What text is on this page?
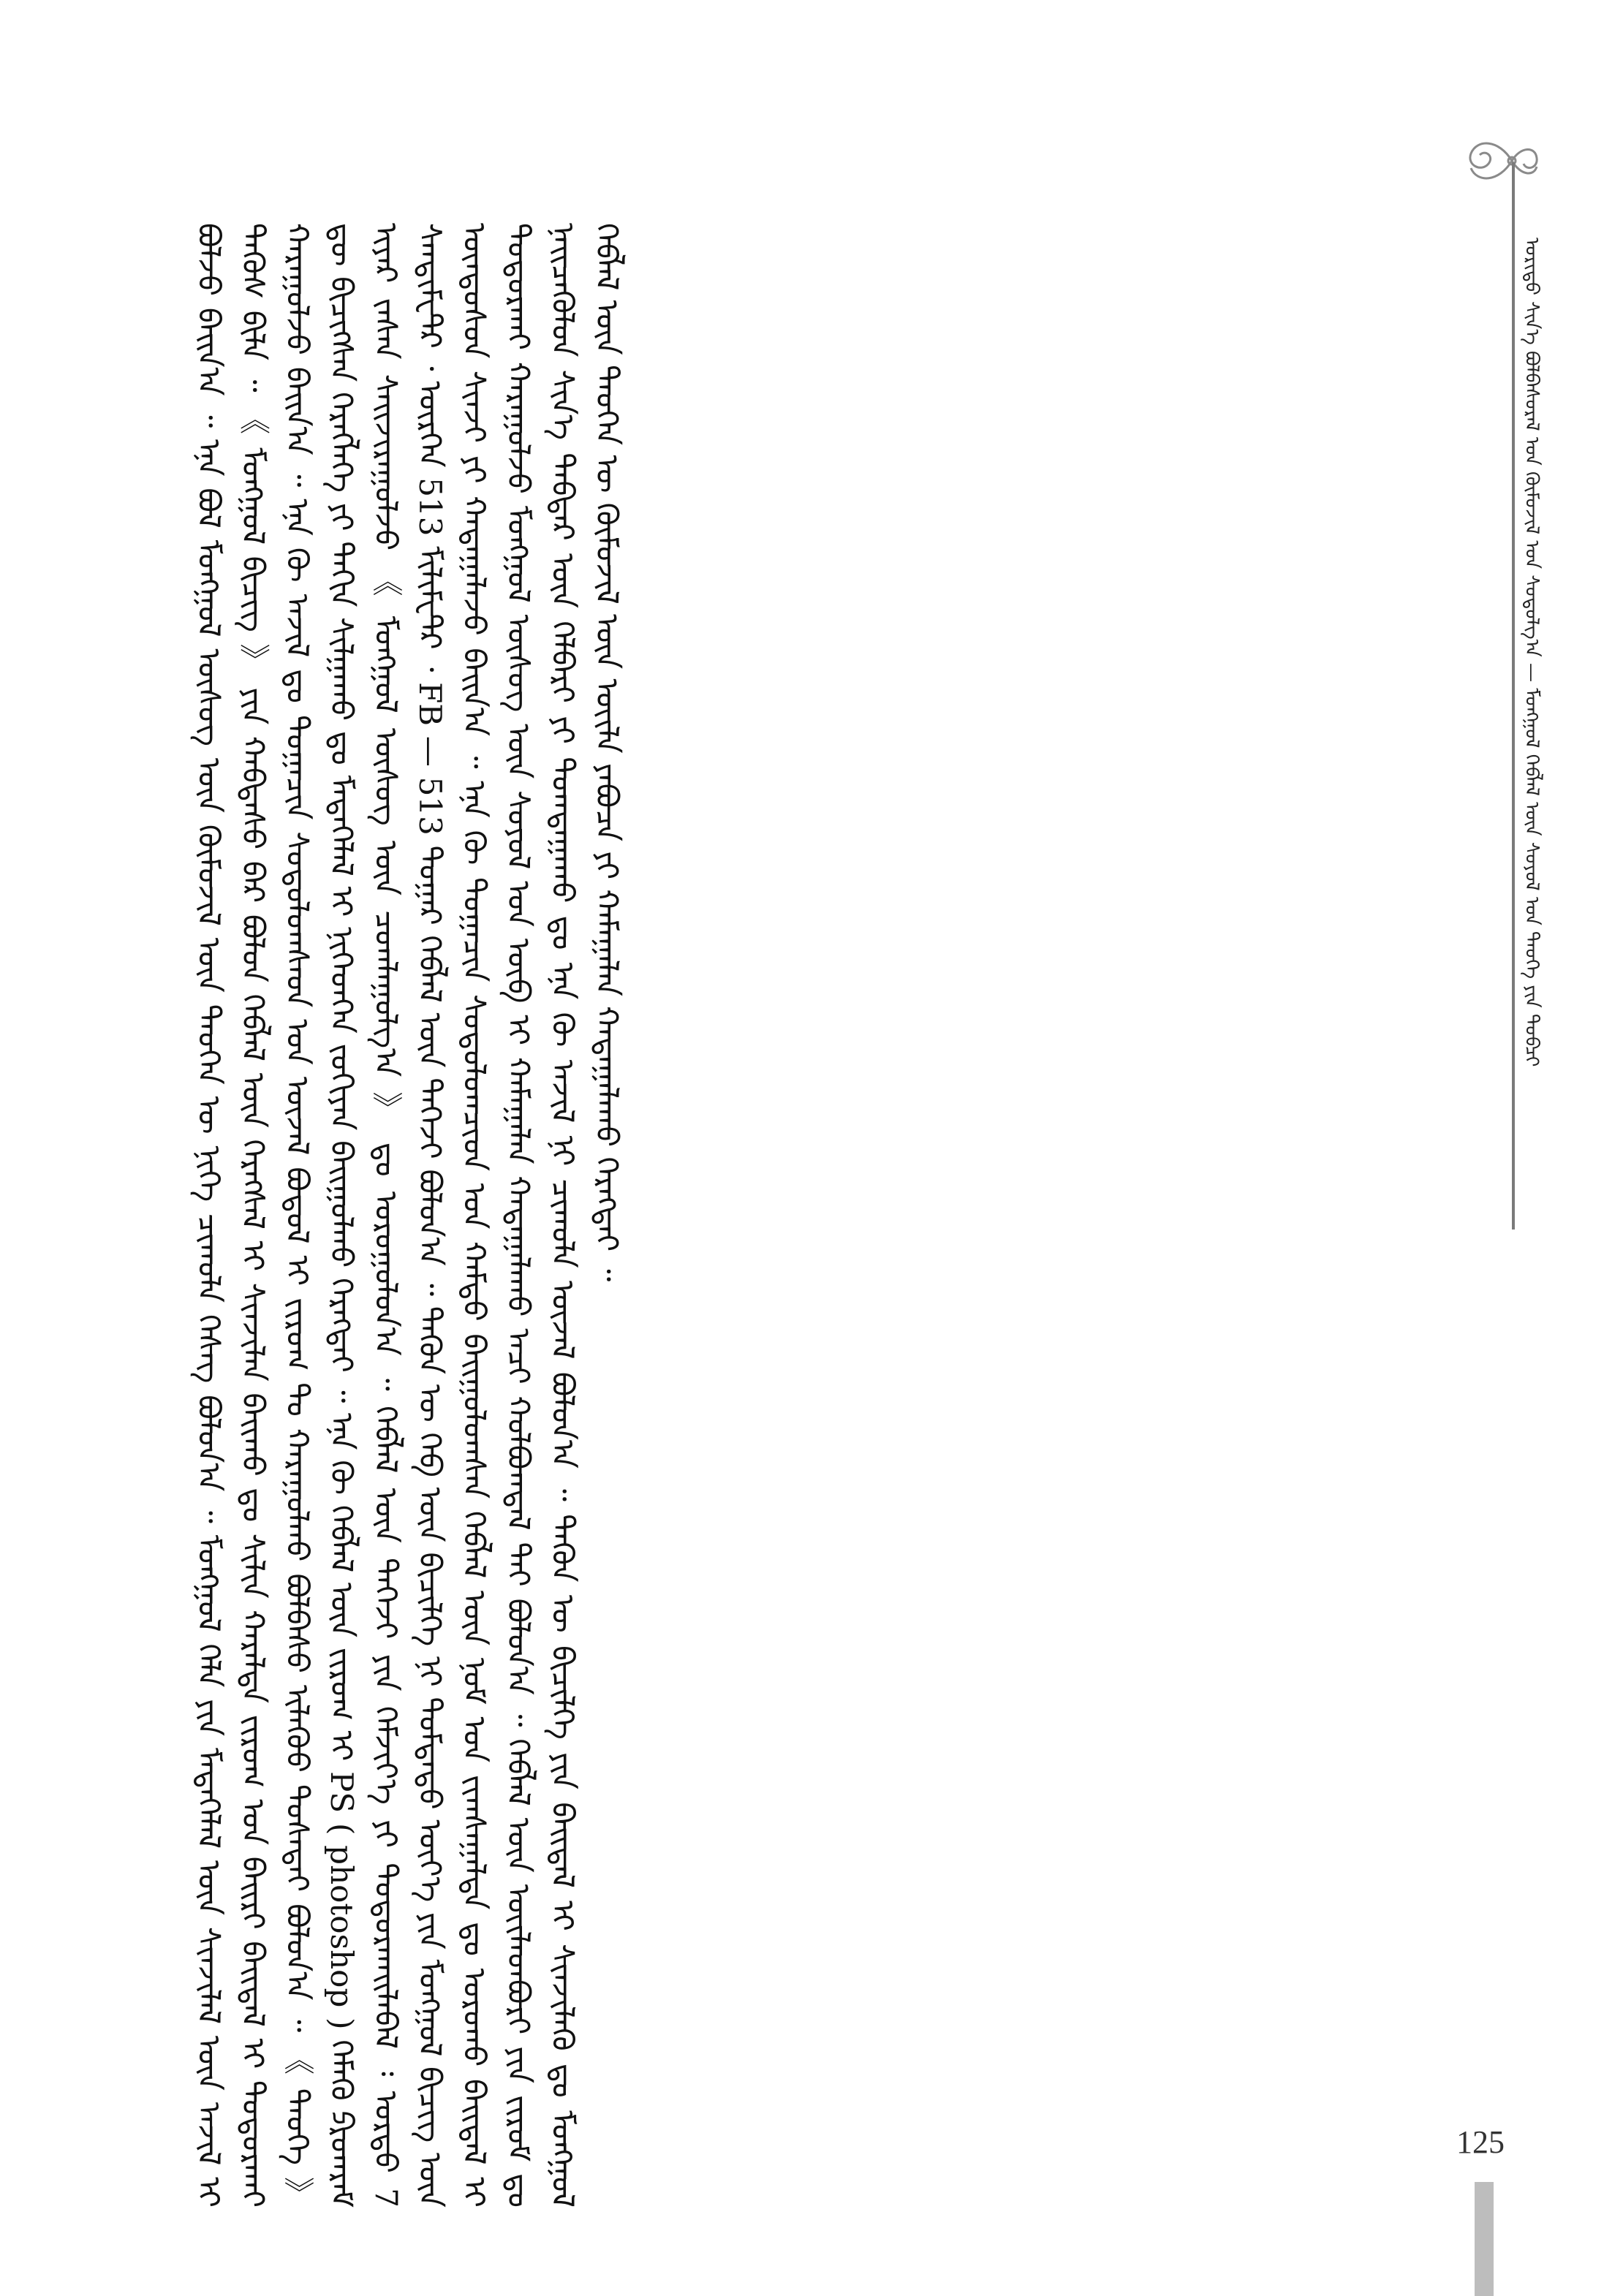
ᠤᠷᠢᠳᠤ ᠰᠢᠨ᠎ᠡ ᠪᠣᠯᠪᠠᠰᠤᠷᠠᠯ ᠤᠨ ᠬᠦᠮᠦᠵᠢᠯ ᠤᠨ ᠰᠤᠳᠤᠯᠭ᠎ᠠ — ᠮᠣᠩᠭᠣᠯ ᠬᠡᠪᠯᠡᠯ ᠦᠨ ᠰᠣᠶᠣᠯ ᠤᠨ ᠲᠡᠦᠬᠡ ᠶᠢᠨ ᠲᠣᠪᠴᠢ

ᠪᠣᠯᠵᠤ ᠪᠠᠢᠨ᠎ᠠ ᠃ ᠡᠨᠡ ᠪᠣᠯ ᠮᠣᠩᠭᠣᠯ ᠦᠰᠦᠭ ᠦᠨ ᠬᠦᠮᠦᠵᠢᠯ ᠦᠨ ᠲᠡᠦᠬᠡᠨ ᠦ ᠨᠢᠭᠡ ᠴᠢᠬᠤᠯᠠ ᠬᠡᠰᠡᠭ ᠪᠣᠯᠤᠨ᠎ᠠ ᠃ ᠮᠣᠩᠭᠣᠯ ᠬᠡᠯᠡ ᠶᠢᠨ ᠮᠡᠳᠡᠭᠡᠯᠡᠯ ᠦᠨ ᠰᠢᠨᠵᠢᠯᠡᠯ ᠦᠨ ᠠᠵᠢᠯ ᠢ ᠲᠡᠭᠦᠰ ᠪᠢᠯᠡ ᠃ 《 ᠮᠣᠩᠭᠣᠯ ᠪᠢᠴᠢᠭ 》 ᠶᠢᠨ ᠬᠠᠪᠲᠠᠰᠤ ᠪᠡᠷ ᠪᠣᠯᠤᠨ ᠬᠡᠪᠯᠡᠯ ᠦᠨ ᠬᠡᠷᠡᠭᠰᠡᠯ ᠢ ᠰᠢᠨᠵᠢᠯᠡᠨ ᠪᠠᠢᠬᠤ ᠳᠤ ᠰᠢᠯᠢᠨ ᠬᠠᠷᠠᠯᠲᠠ ᠵᠢᠷᠤᠭ ᠤᠨ ᠪᠠᠢᠷᠢ ᠪᠠᠢᠳᠠᠯ ᠢ ᠲᠣᠳᠤᠷᠬᠠᠢ ᠬᠠᠷᠠᠭᠤᠯᠵᠤ ᠪᠠᠢᠨ᠎ᠠ ᠃ ᠡᠨᠡ ᠬᠦ ᠠᠵᠢᠯ ᠳᠤ ᠲᠣᠭᠠᠴᠢᠨ ᠰᠤᠳᠤᠯᠤᠭᠰᠠᠳ ᠤᠨ ᠦᠵᠡᠯ ᠪᠣᠳᠤᠯ ᠢ ᠵᠢᠷᠤᠭ ᠲᠤ ᠬᠠᠷᠠᠭᠤᠯᠬᠤ ᠪᠣᠯᠪᠠᠰᠤ ᠢᠯᠡᠭᠦᠦ ᠲᠤᠰᠠᠲᠠᠢ ᠪᠣᠯᠤᠨ᠎ᠠ ᠃ 《 ᠲᠡᠦᠬᠡ 》 ᠳᠦ ᠪᠢᠴᠢᠭᠰᠡᠨ ᠬᠡᠷᠡᠭᠯᠡᠭᠡ ᠶᠢ ᠳᠠᠬᠢᠨ ᠰᠢᠯᠭᠠᠬᠤ ᠳᠤ ᠮᠡᠳᠡᠭᠡᠯᠡᠯ ᠢ ᠨᠢᠭᠡᠳᠬᠡᠨ ᠵᠣᠬᠢᠶᠠᠨ ᠪᠠᠢᠭᠤᠯᠬᠤ ᠬᠡᠷᠡᠭᠲᠡᠢ ᠃ ᠡᠨᠡ ᠬᠦ ᠬᠡᠪᠯᠡᠯ ᠦᠨ ᠵᠢᠷᠤᠭ ᠢ PS ( photoshop ) ᠬᠡᠮᠡᠬᠦ ᠫᠷᠣᠭᠷᠠᠮ ᠢᠶᠠᠷ ᠵᠠᠰᠠᠨ ᠰᠠᠢᠵᠢᠷᠠᠭᠤᠯᠵᠤ 《 ᠮᠣᠩᠭᠣᠯ ᠦᠰᠦᠭ ᠦᠨ ᠴᠤᠭᠯᠠᠭᠤᠯᠭ᠎ᠠ 》 ᠳᠤ ᠣᠷᠣᠭᠤᠯᠤᠨ᠎ᠠ ᠃ ᠬᠡᠪᠯᠡᠯ ᠦᠨ ᠳᠡᠭᠡᠵᠢ ᠶᠢᠨ ᠬᠡᠮᠵᠢᠶ᠎ᠡ ᠶᠢ ᠲᠣᠳᠤᠷᠬᠠᠢᠯᠠᠪᠠᠯ ᠄ ᠤᠷᠲᠤ 7 ᠰᠠᠨᠲᠢᠮᠧᠲᠷ ᠂ ᠥᠷᠭᠡᠨ 513 ᠮᠢᠯᠢᠮᠧᠲᠷ ᠂ FB — 513 ᠳᠤᠭᠠᠷ ᠬᠡᠪᠯᠡᠯ ᠦᠨ ᠳᠡᠭᠡᠵᠢ ᠪᠣᠯᠤᠨ᠎ᠠ ᠃ ᠲᠡᠭᠦᠨ ᠦ ᠬᠡᠪ ᠦᠨ ᠪᠢᠴᠢᠯᠭᠡ ᠨᠢ ᠳᠤᠮᠳᠠᠳᠤ ᠦᠶ᠎ᠡ ᠶᠢᠨ ᠮᠣᠩᠭᠣᠯ ᠪᠢᠴᠢᠭ ᠦᠨ ᠦᠨᠳᠦᠰᠦᠨ ᠰᠢᠨᠵᠢ ᠶᠢ ᠬᠠᠳᠠᠭᠠᠯᠠᠵᠤ ᠪᠠᠢᠨ᠎ᠠ ᠃ ᠡᠨᠡ ᠬᠦ ᠲᠣᠭᠠᠴᠢᠨ ᠰᠤᠳᠤᠯᠤᠭᠴᠢᠳ ᠤᠨ ᠬᠠᠮᠲᠤ ᠪᠠᠢᠭᠤᠯᠤᠭᠰᠠᠨ ᠬᠡᠪᠯᠡᠯ ᠦᠨ ᠨᠣᠮ ᠤᠨ ᠵᠢᠭᠰᠠᠭᠠᠯᠲᠠ ᠳᠤ ᠣᠷᠣᠬᠤ ᠪᠠᠢᠳᠠᠯ ᠢ ᠲᠣᠳᠤᠷᠬᠠᠢ ᠬᠠᠷᠠᠭᠤᠯᠵᠤ ᠮᠣᠩᠭᠣᠯ ᠦᠰᠦᠭ ᠦᠨ ᠰᠣᠶᠣᠯ ᠤᠨ ᠦᠪ ᠢ ᠬᠠᠮᠠᠭᠠᠯᠠᠨ ᠬᠠᠳᠠᠭᠠᠯᠠᠬᠤ ᠠᠴᠢ ᠬᠣᠯᠪᠣᠭᠳᠠᠯ ᠲᠠᠢ ᠪᠣᠯᠤᠨ᠎ᠠ ᠃ ᠬᠡᠪᠯᠡᠯ ᠦᠨ ᠦᠢᠯᠡᠳᠪᠦᠷᠢ ᠶᠢᠨ ᠵᠢᠷᠤᠮ ᠳᠤ ᠨᠡᠢᠴᠡᠭᠦᠯᠦᠨ ᠰᠢᠨ᠎ᠡ ᠳᠡᠪᠲᠡᠷ ᠦᠨ ᠬᠡᠯᠪᠡᠷᠢ ᠶᠢ ᠲᠣᠭᠲᠠᠭᠠᠬᠤ ᠳᠤ ᠡᠨᠡ ᠬᠦ ᠠᠵᠢᠯ ᠨᠢ ᠴᠢᠬᠤᠯᠠ ᠦᠵᠡᠯ ᠪᠣᠯᠤᠨ᠎ᠠ ᠃ ᠲᠡᠭᠦᠨ ᠦ ᠪᠢᠴᠢᠯᠭᠡ ᠶᠢᠨ ᠪᠠᠢᠳᠠᠯ ᠢ ᠰᠢᠨᠵᠢᠯᠡᠬᠦ ᠳᠤ ᠮᠣᠩᠭᠣᠯ ᠬᠡᠪᠯᠡᠯ ᠦᠨ ᠲᠡᠦᠬᠡᠨ ᠦ ᠬᠦᠮᠦᠵᠢᠯ ᠦᠨ ᠦᠢᠯᠡ ᠶᠠᠪᠤᠴᠠ ᠶᠢ ᠬᠠᠮᠠᠭᠠᠯᠠᠨ ᠬᠠᠳᠠᠭᠠᠯᠠᠬᠤ ᠬᠡᠷᠡᠭᠲᠡᠢ ᠃

125
